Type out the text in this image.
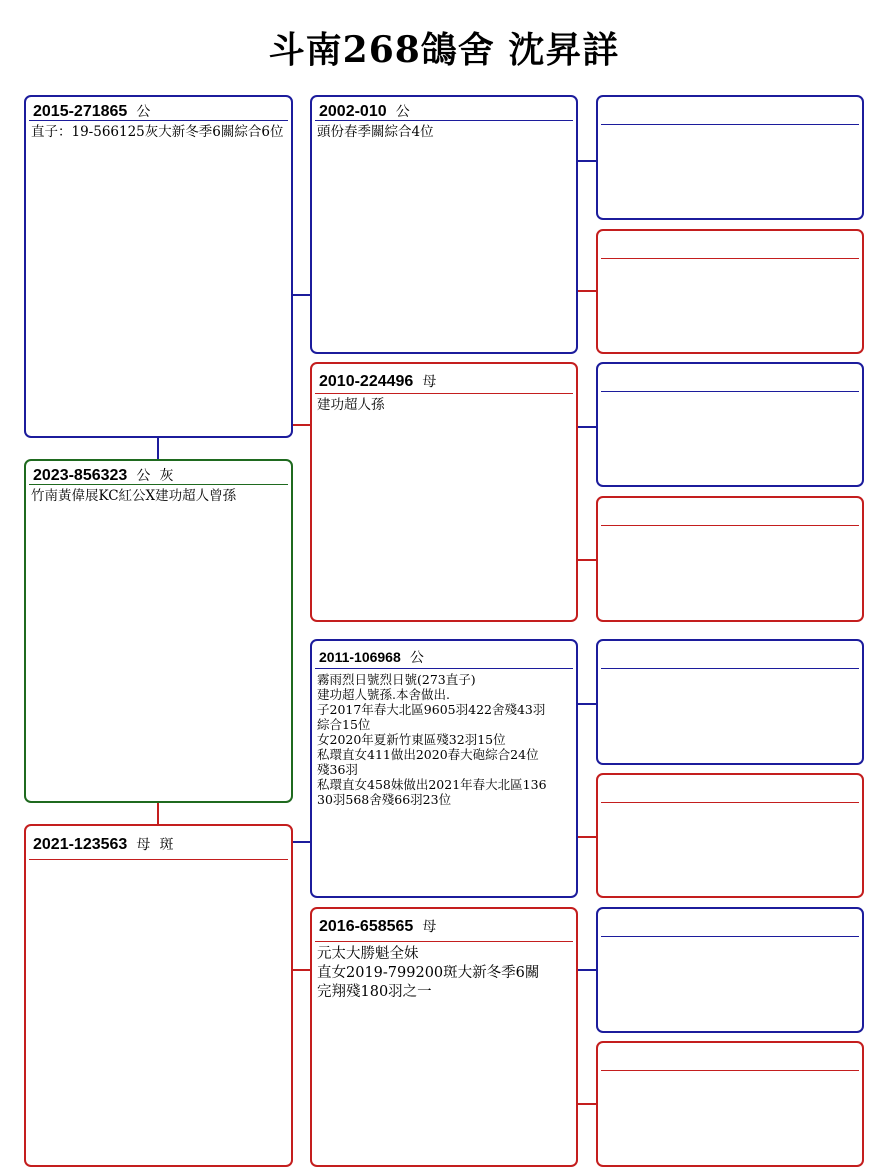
斗南268鴿舍 沈昇詳
2015-271865 公
直子：19-566125灰大新冬季6關綜合6位
2023-856323 公 灰
竹南黃偉展KC紅公X建功超人曾孫
2021-123563 母 斑
2002-010 公
頭份春季關綜合4位
2010-224496 母
建功超人孫
2011-106968 公
霧雨烈日號烈日號(273直子)
建功超人號孫.本舍做出.
子2017年春大北區9605羽422舍殘43羽
綜合15位
女2020年夏新竹東區殘32羽15位
私環直女411做出2020春大砲綜合24位
殘36羽
私環直女458妹做出2021年春大北區136
30羽568舍殘66羽23位
2016-658565 母
元太大勝魁全妹
直女2019-799200斑大新冬季6關
完翔殘180羽之一
